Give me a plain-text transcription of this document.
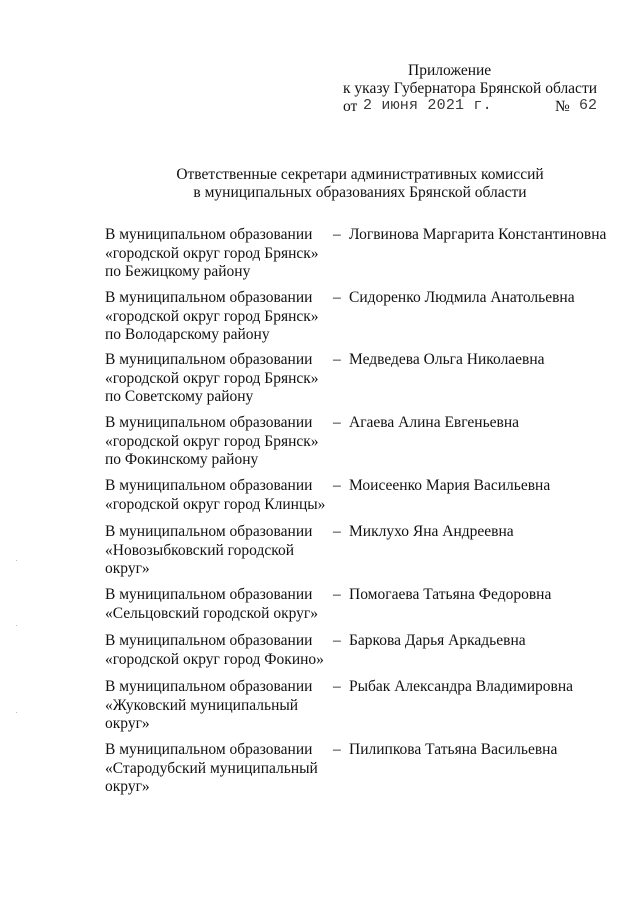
Приложение
к указу Губернатора Брянской области
от 2 июня 2021 г.	№ 62
Ответственные секретари административных комиссий
в муниципальных образованиях Брянской области
В муниципальном образовании
«городской округ город Брянск»
по Бежицкому району
– Логвинова Маргарита Константиновна
В муниципальном образовании
«городской округ город Брянск»
по Володарскому району
– Сидоренко Людмила Анатольевна
В муниципальном образовании
«городской округ город Брянск»
по Советскому району
– Медведева Ольга Николаевна
В муниципальном образовании
«городской округ город Брянск»
по Фокинскому району
– Агаева Алина Евгеньевна
В муниципальном образовании
«городской округ город Клинцы»
– Моисеенко Мария Васильевна
В муниципальном образовании
«Новозыбковский городской
округ»
– Миклухо Яна Андреевна
В муниципальном образовании
«Сельцовский городской округ»
– Помогаева Татьяна Федоровна
В муниципальном образовании
«городской округ город Фокино»
– Баркова Дарья Аркадьевна
В муниципальном образовании
«Жуковский муниципальный
округ»
– Рыбак Александра Владимировна
В муниципальном образовании
«Стародубский муниципальный
округ»
– Пилипкова Татьяна Васильевна
